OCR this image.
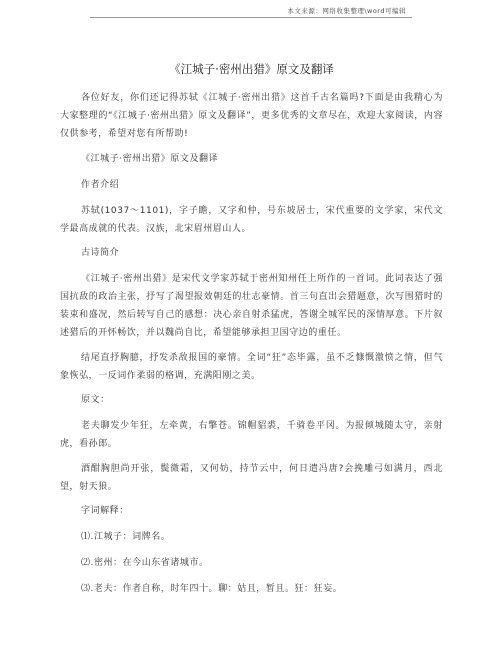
本文来源：网络收集整理\word可编辑
《江城子·密州出猎》原文及翻译

各位好友，你们还记得苏轼《江城子·密州出猎》这首千古名篇吗?下面是由我精心为大家整理的“《江城子·密州出猎》原文及翻译”，更多优秀的文章尽在，欢迎大家阅读，内容仅供参考，希望对您有所帮助!

《江城子·密州出猎》原文及翻译

作者介绍

苏轼(1037～1101)，字子瞻，又字和仲，号东坡居士，宋代重要的文学家，宋代文学最高成就的代表。汉族，北宋眉州眉山人。

古诗简介

《江城子·密州出猎》是宋代文学家苏轼于密州知州任上所作的一首词。此词表达了强国抗敌的政治主张，抒写了渴望报效朝廷的壮志豪情。首三句直出会猎题意，次写围猎时的装束和盛况，然后转写自己的感想：决心亲自射杀猛虎，答谢全城军民的深情厚意。下片叙述猎后的开怀畅饮，并以魏尚自比，希望能够承担卫国守边的重任。

结尾直抒胸臆，抒发杀敌报国的豪情。全词“狂”态毕露，虽不乏慷慨激愤之情，但气象恢弘，一反词作柔弱的格调，充满阳刚之美。

原文：

老夫聊发少年狂，左牵黄，右擎苍。锦帽貂裘，千骑卷平冈。为报倾城随太守，亲射虎，看孙郎。

酒酣胸胆尚开张，鬓微霜，又何妨，持节云中，何日遣冯唐?会挽雕弓如满月，西北望，射天狼。

字词解释：

⑴.江城子：词牌名。

⑵.密州：在今山东省诸城市。

⑶.老夫：作者自称，时年四十。聊：姑且，暂且。狂：狂妄。
